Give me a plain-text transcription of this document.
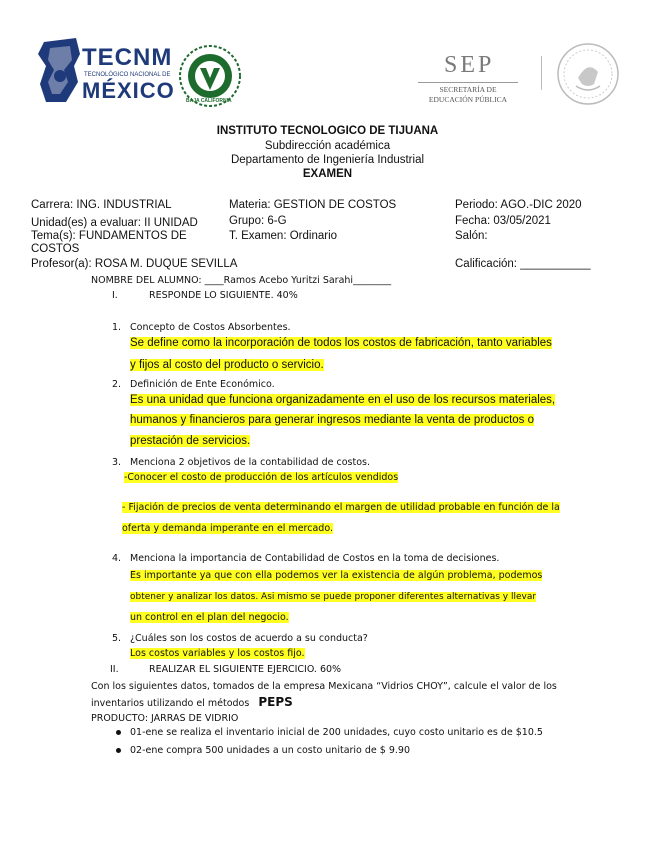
TECNM
TECNOLÓGICO NACIONAL DE
MÉXICO BAJA CALIFORNIA
SEP
SECRETARÍA DE
EDUCACIÓN PÚBLICA
INSTITUTO TECNOLOGICO DE TIJUANA
Subdirección académica
Departamento de Ingeniería Industrial
EXAMEN
Carrera: ING. INDUSTRIAL	Materia: GESTION DE COSTOS	Periodo: AGO.-DIC 2020
Unidad(es) a evaluar: II UNIDAD	Grupo: 6-G	Fecha: 03/05/2021
Tema(s): FUNDAMENTOS DE	T. Examen: Ordinario	Salón:
COSTOS
Profesor(a): ROSA M. DUQUE SEVILLA	Calificación: ___________
NOMBRE DEL ALUMNO: ____Ramos Acebo Yuritzi Sarahi________
I.	RESPONDE LO SIGUIENTE. 40%
1. Concepto de Costos Absorbentes.
Se define como la incorporación de todos los costos de fabricación, tanto variables
y fijos al costo del producto o servicio.
2. Definición de Ente Económico.
Es una unidad que funciona organizadamente en el uso de los recursos materiales,
humanos y financieros para generar ingresos mediante la venta de productos o
prestación de servicios.
3. Menciona 2 objetivos de la contabilidad de costos.
-Conocer el costo de producción de los artículos vendidos
- Fijación de precios de venta determinando el margen de utilidad probable en función de la
oferta y demanda imperante en el mercado.
4. Menciona la importancia de Contabilidad de Costos en la toma de decisiones.
Es importante ya que con ella podemos ver la existencia de algún problema, podemos
obtener y analizar los datos. Asi mismo se puede proponer diferentes alternativas y llevar
un control en el plan del negocio.
5. ¿Cuáles son los costos de acuerdo a su conducta?
Los costos variables y los costos fijo.
II.	REALIZAR EL SIGUIENTE EJERCICIO. 60%
Con los siguientes datos, tomados de la empresa Mexicana “Vidrios CHOY”, calcule el valor de los
inventarios utilizando el métodos PEPS
PRODUCTO: JARRAS DE VIDRIO
01-ene se realiza el inventario inicial de 200 unidades, cuyo costo unitario es de $10.5
02-ene compra 500 unidades a un costo unitario de $ 9.90
